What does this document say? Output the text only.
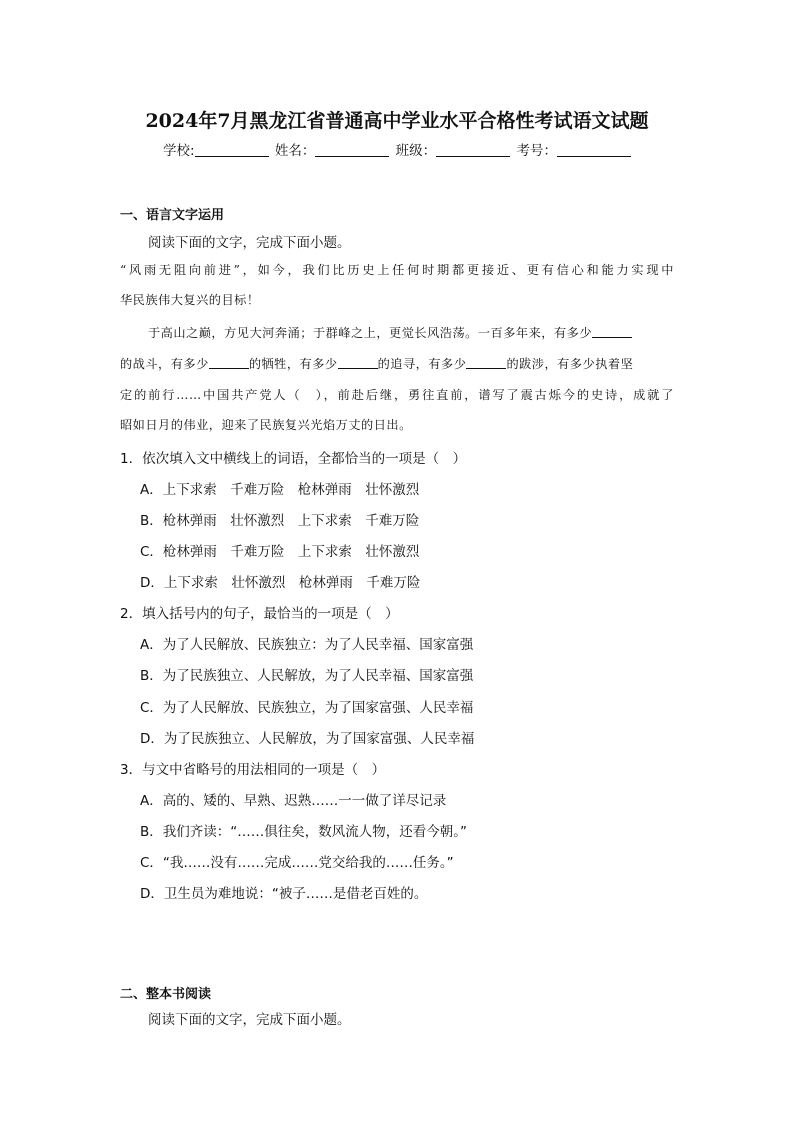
2024年7月黑龙江省普通高中学业水平合格性考试语文试题
学校:	姓名：	班级：	考号：
一、语言文字运用
阅读下面的文字，完成下面小题。
“风雨无阻向前进”，如今，我们比历史上任何时期都更接近、更有信心和能力实现中
华民族伟大复兴的目标！
于高山之巅，方见大河奔涌；于群峰之上，更觉长风浩荡。一百多年来，有多少
的战斗，有多少	的牺牲，有多少	的追寻，有多少	的跋涉，有多少执着坚
定的前行……中国共产党人（　），前赴后继，勇往直前，谱写了震古烁今的史诗，成就了
昭如日月的伟业，迎来了民族复兴光焰万丈的日出。
1．依次填入文中横线上的词语，全都恰当的一项是（　）
A．上下求索　千难万险　枪林弹雨　壮怀激烈
B．枪林弹雨　壮怀激烈　上下求索　千难万险
C．枪林弹雨　千难万险　上下求索　壮怀激烈
D．上下求索　壮怀激烈　枪林弹雨　千难万险
2．填入括号内的句子，最恰当的一项是（　）
A．为了人民解放、民族独立：为了人民幸福、国家富强
B．为了民族独立、人民解放，为了人民幸福、国家富强
C．为了人民解放、民族独立，为了国家富强、人民幸福
D．为了民族独立、人民解放，为了国家富强、人民幸福
3．与文中省略号的用法相同的一项是（　）
A．高的、矮的、早熟、迟熟……一一做了详尽记录
B．我们齐读：“……俱往矣，数风流人物，还看今朝。”
C．“我……没有……完成……党交给我的……任务。”
D．卫生员为难地说：“被子……是借老百姓的。
二、整本书阅读
阅读下面的文字，完成下面小题。
